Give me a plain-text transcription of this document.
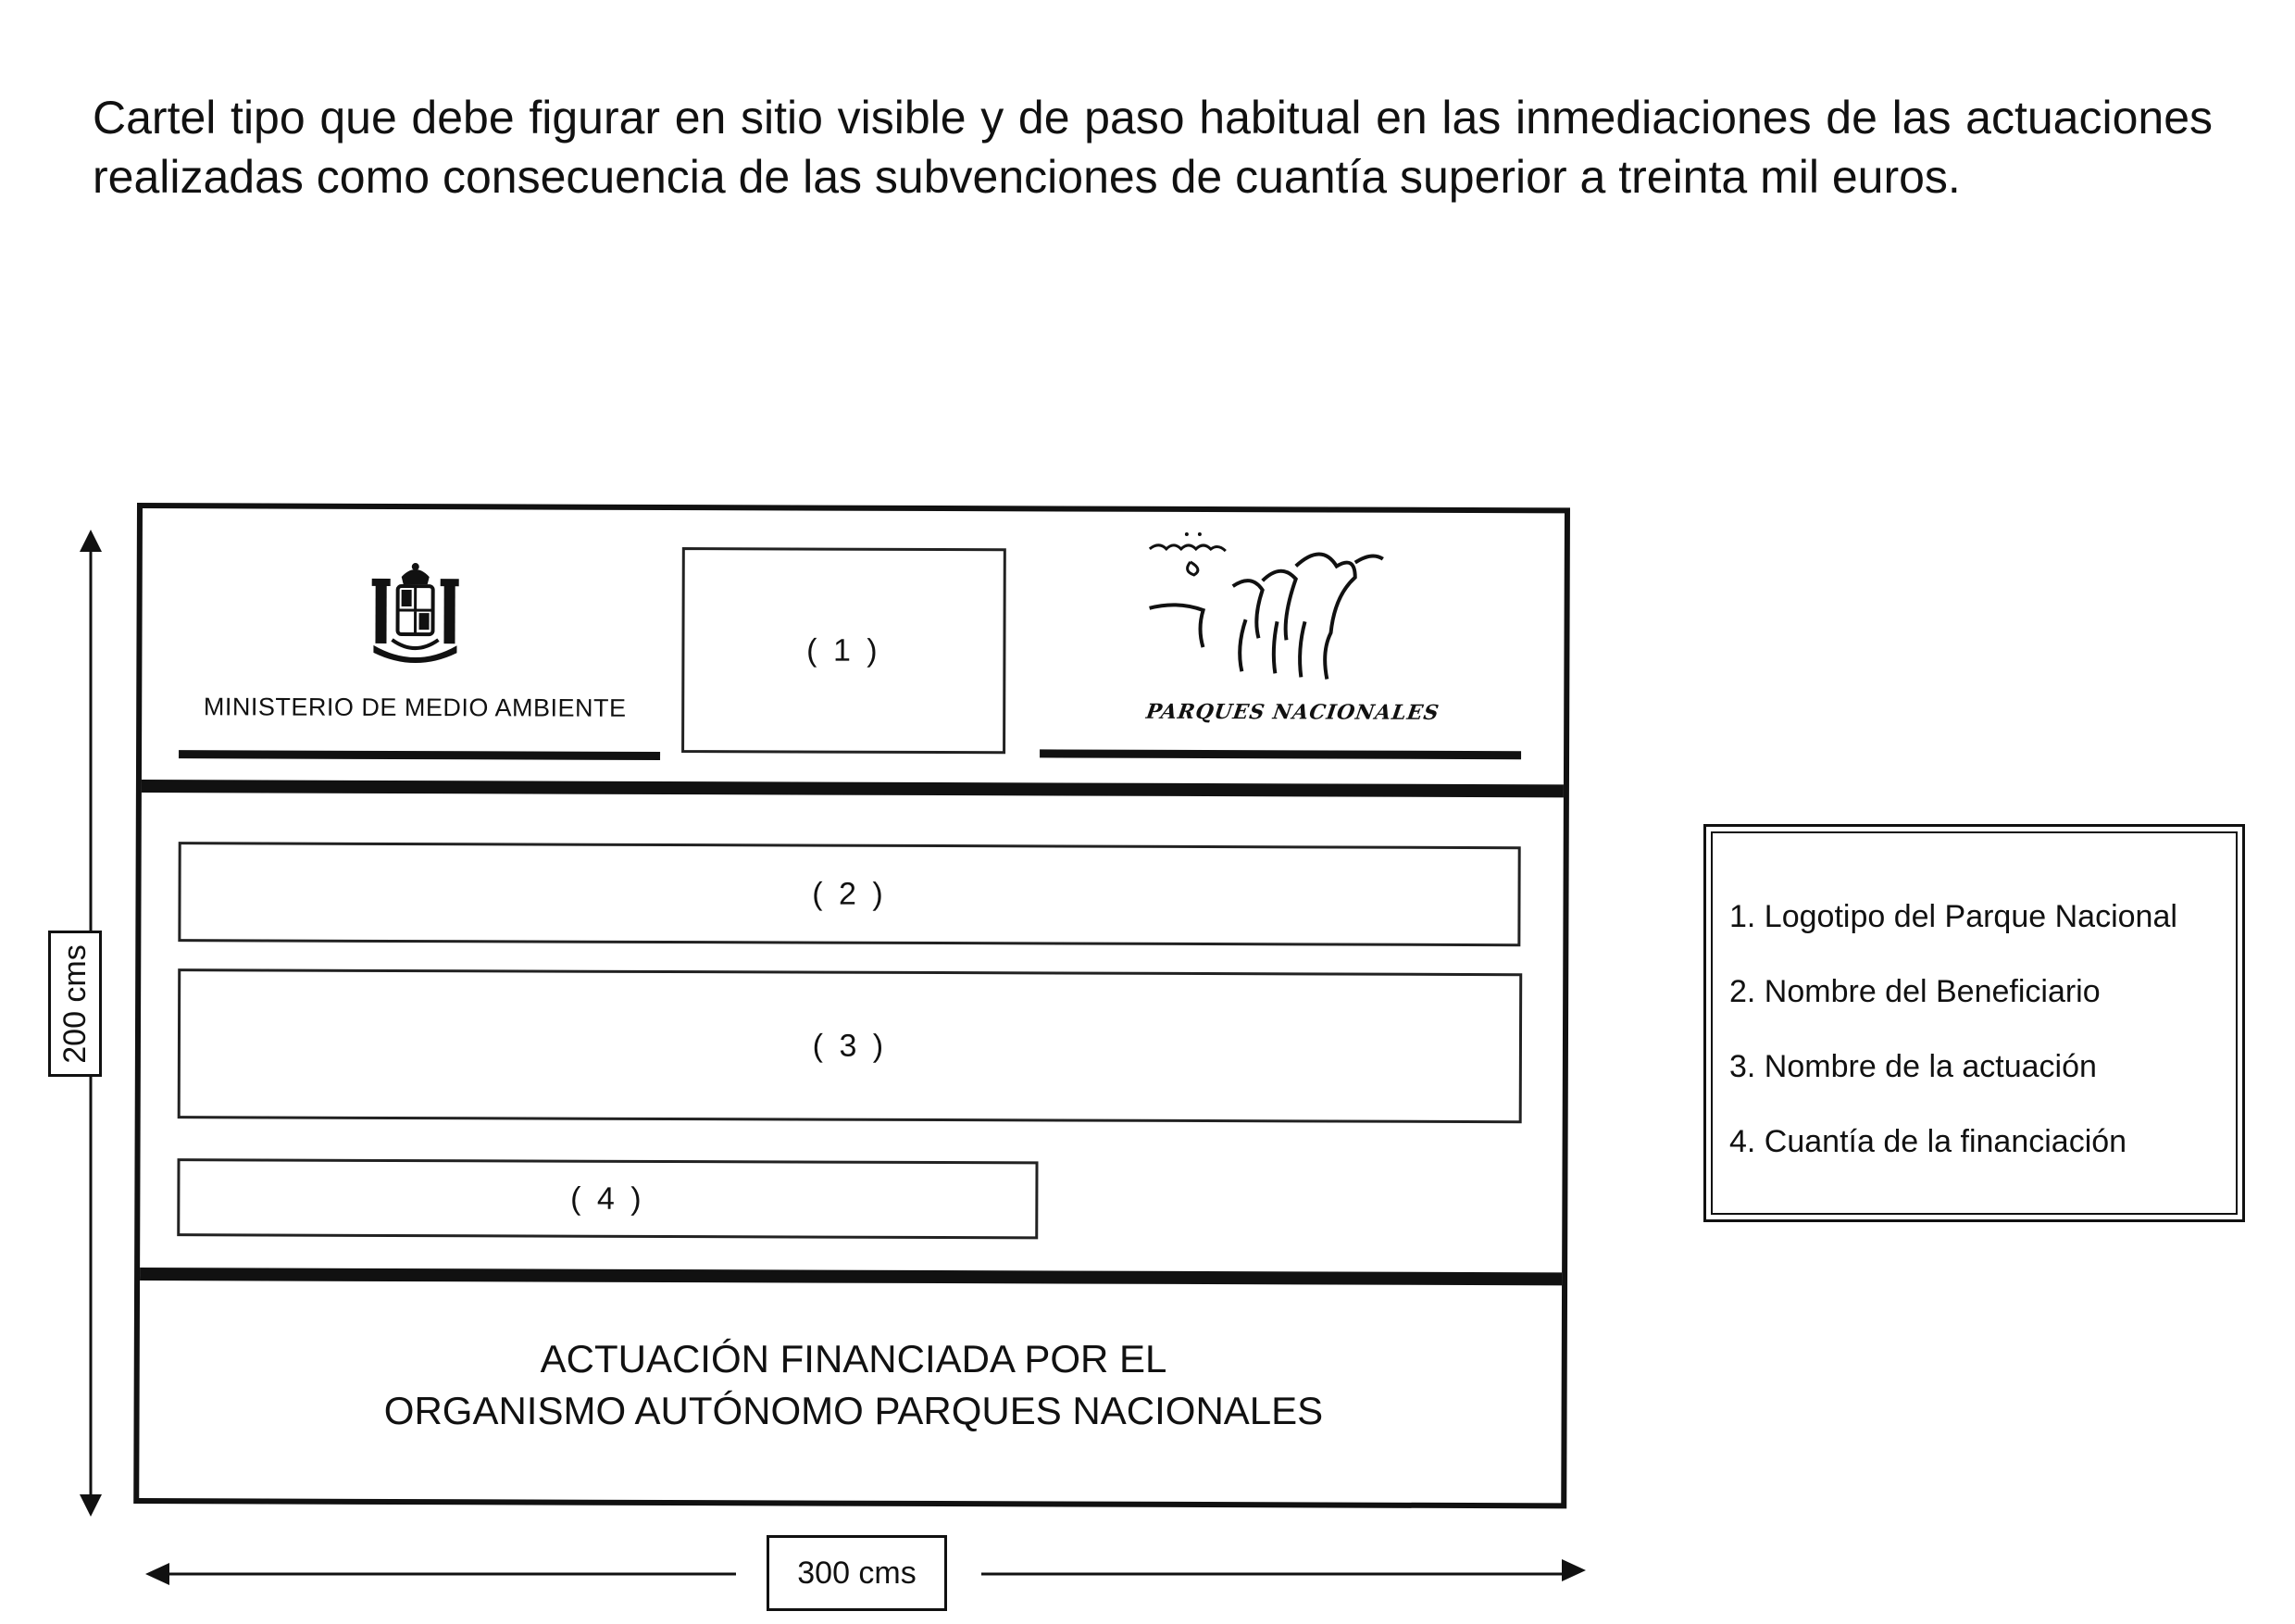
Cartel tipo que debe figurar en sitio visible y de paso habitual en las inmediaciones de las actuaciones realizadas como consecuencia de las subvenciones de cuantía superior a treinta mil euros.

MINISTERIO DE MEDIO AMBIENTE
( 1 )
PARQUES NACIONALES
( 2 )
( 3 )
( 4 )
ACTUACIÓN FINANCIADA POR EL
ORGANISMO AUTÓNOMO PARQUES NACIONALES
200 cms
300 cms
1. Logotipo del Parque Nacional
2. Nombre del Beneficiario
3. Nombre de la actuación
4. Cuantía de la financiación
